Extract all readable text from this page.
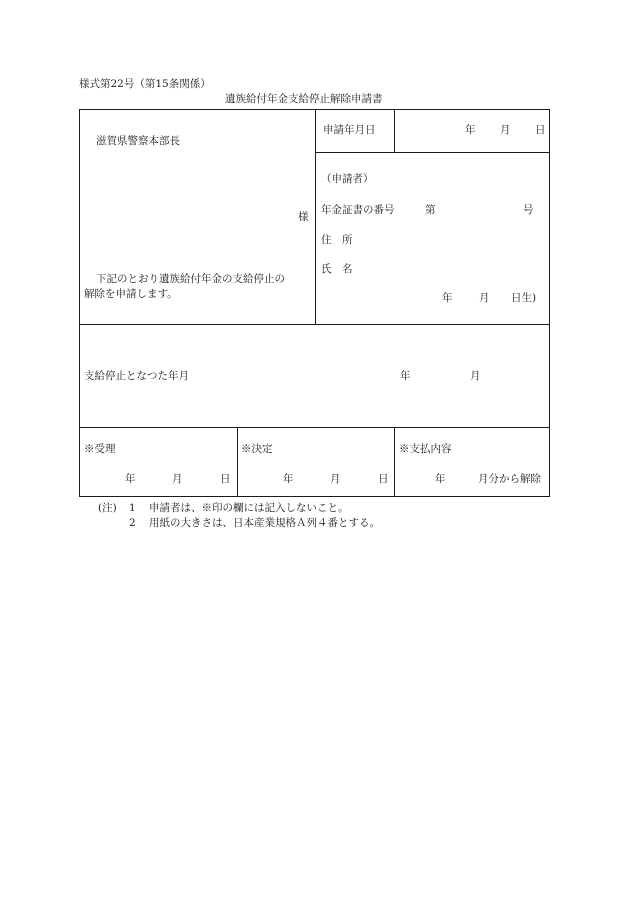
様式第22号（第15条関係）
遺族給付年金支給停止解除申請書
滋賀県警察本部長
様
下記のとおり遺族給付年金の支給停止の
解除を申請します。
申請年月日	年 月 日
（申請者）
年金証書の番号	第	号
住　所
氏　名
年	月 日生)
支給停止となつた年月	年	月
※受理
年	月	日
※決定
年	月	日
※支払内容
年	月分から解除
(注) 1 申請者は、※印の欄には記入しないこと。
2 用紙の大きさは、日本産業規格Ａ列４番とする。
